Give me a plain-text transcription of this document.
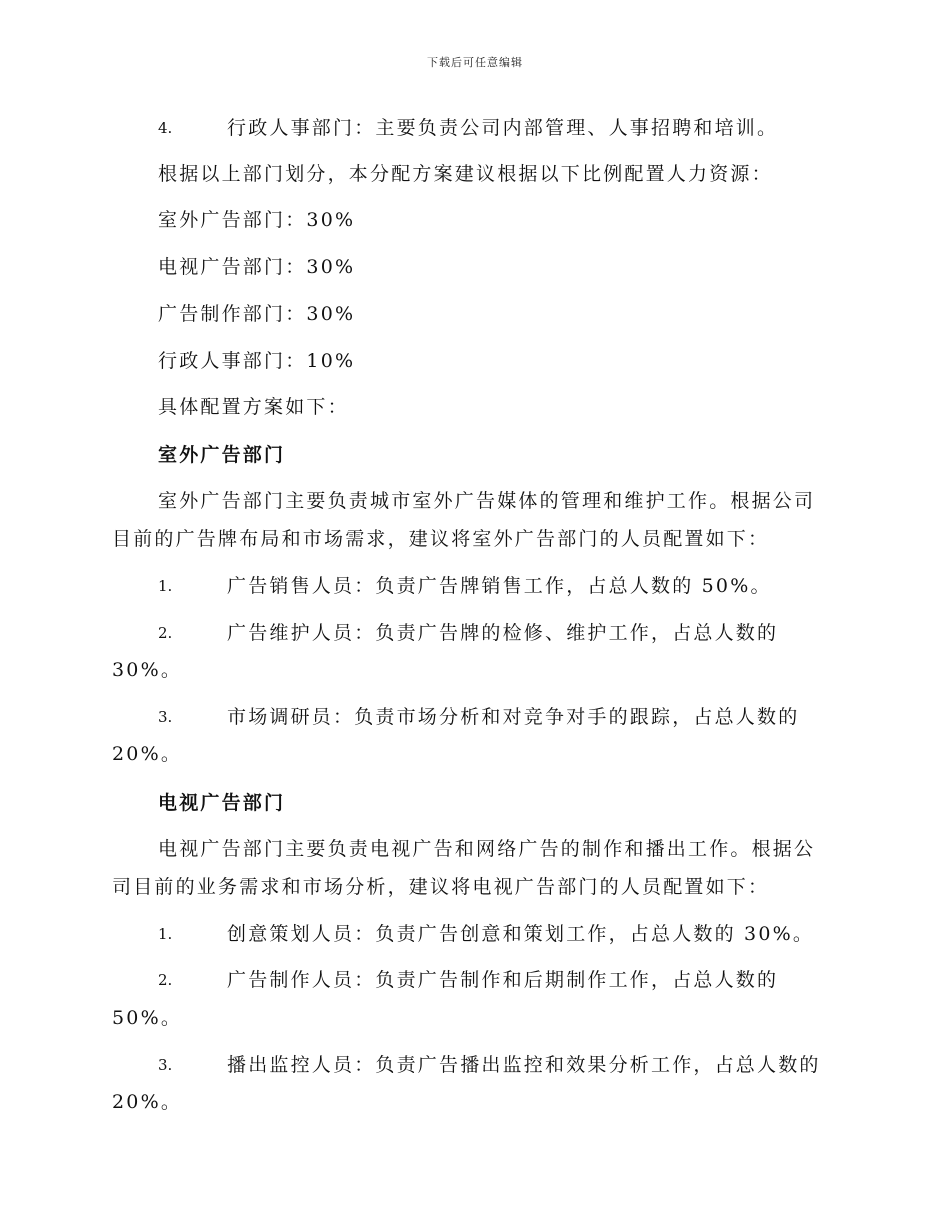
下载后可任意编辑
4.	行政人事部门：主要负责公司内部管理、人事招聘和培训。
根据以上部门划分，本分配方案建议根据以下比例配置人力资源：
室外广告部门：30%
电视广告部门：30%
广告制作部门：30%
行政人事部门：10%
具体配置方案如下：
室外广告部门
室外广告部门主要负责城市室外广告媒体的管理和维护工作。根据公司
目前的广告牌布局和市场需求，建议将室外广告部门的人员配置如下：
1.	广告销售人员：负责广告牌销售工作，占总人数的 50%。
2.	广告维护人员：负责广告牌的检修、维护工作，占总人数的
30%。
3.	市场调研员：负责市场分析和对竞争对手的跟踪，占总人数的
20%。
电视广告部门
电视广告部门主要负责电视广告和网络广告的制作和播出工作。根据公
司目前的业务需求和市场分析，建议将电视广告部门的人员配置如下：
1.	创意策划人员：负责广告创意和策划工作，占总人数的 30%。
2.	广告制作人员：负责广告制作和后期制作工作，占总人数的
50%。
3.	播出监控人员：负责广告播出监控和效果分析工作，占总人数的
20%。
